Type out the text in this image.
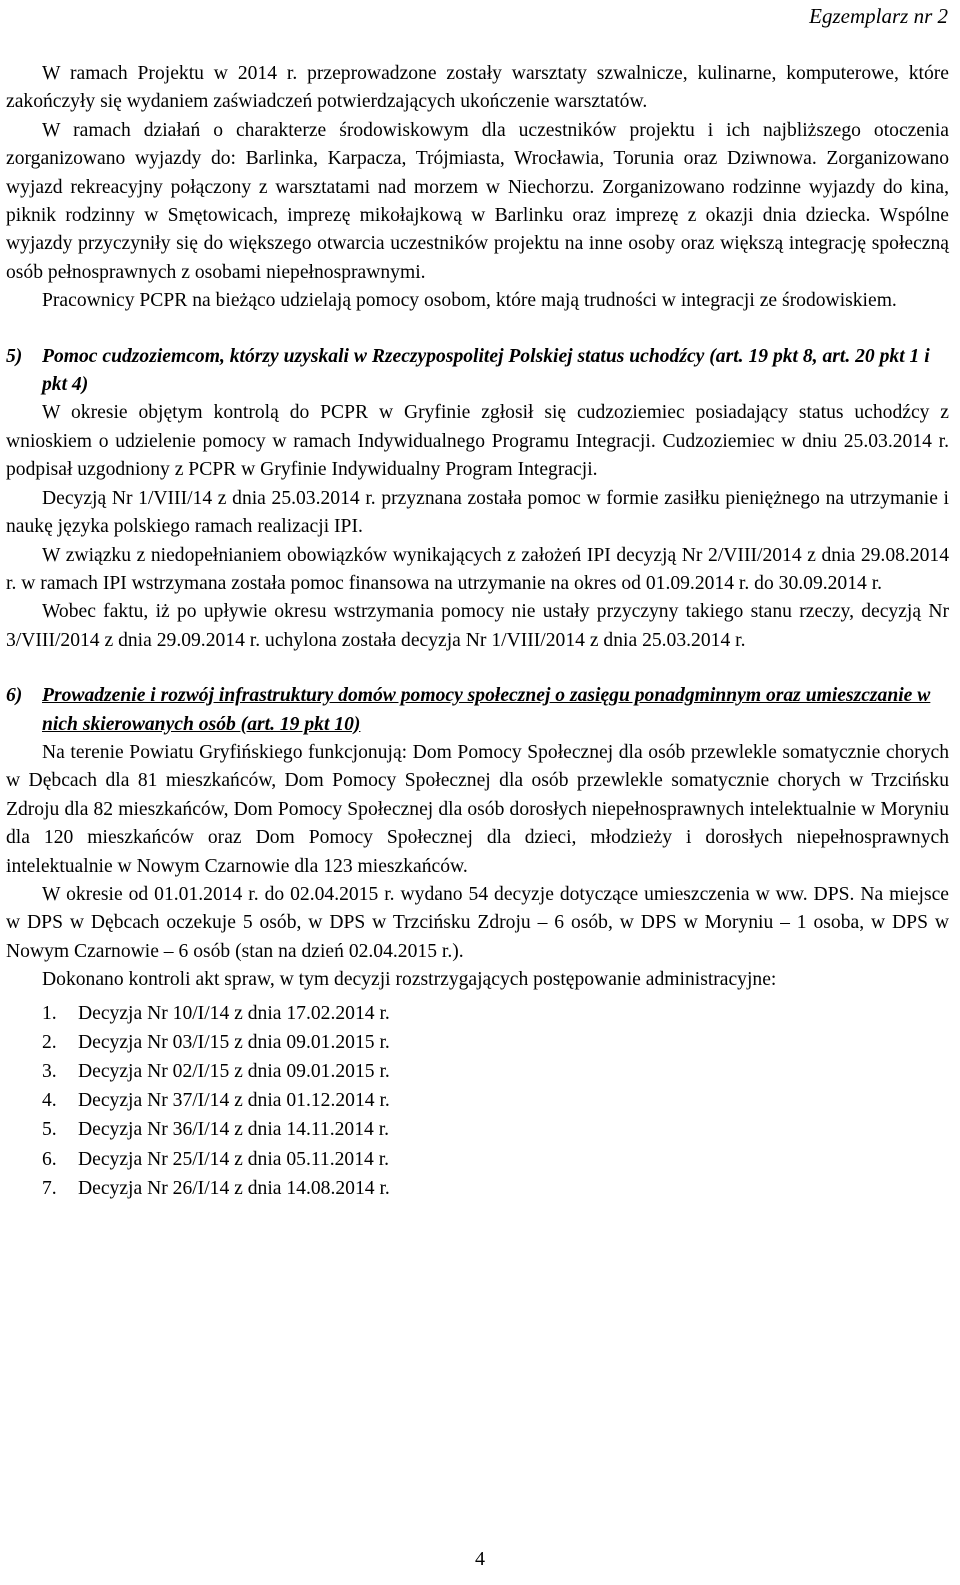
Egzemplarz nr 2

W ramach Projektu w 2014 r. przeprowadzone zostały warsztaty szwalnicze, kulinarne, komputerowe, które zakończyły się wydaniem zaświadczeń potwierdzających ukończenie warsztatów.

W ramach działań o charakterze środowiskowym dla uczestników projektu i ich najbliższego otoczenia zorganizowano wyjazdy do: Barlinka, Karpacza, Trójmiasta, Wrocławia, Torunia oraz Dziwnowa. Zorganizowano wyjazd rekreacyjny połączony z warsztatami nad morzem w Niechorzu. Zorganizowano rodzinne wyjazdy do kina, piknik rodzinny w Smętowicach, imprezę mikołajkową w Barlinku oraz imprezę z okazji dnia dziecka. Wspólne wyjazdy przyczyniły się do większego otwarcia uczestników projektu na inne osoby oraz większą integrację społeczną osób pełnosprawnych z osobami niepełnosprawnymi.

Pracownicy PCPR na bieżąco udzielają pomocy osobom, które mają trudności w integracji ze środowiskiem.

5) Pomoc cudzoziemcom, którzy uzyskali w Rzeczypospolitej Polskiej status uchodźcy (art. 19 pkt 8, art. 20 pkt 1 i pkt 4)

W okresie objętym kontrolą do PCPR w Gryfinie zgłosił się cudzoziemiec posiadający status uchodźcy z wnioskiem o udzielenie pomocy w ramach Indywidualnego Programu Integracji. Cudzoziemiec w dniu 25.03.2014 r. podpisał uzgodniony z PCPR w Gryfinie Indywidualny Program Integracji.

Decyzją Nr 1/VIII/14 z dnia 25.03.2014 r. przyznana została pomoc w formie zasiłku pieniężnego na utrzymanie i naukę języka polskiego ramach realizacji IPI.

W związku z niedopełnianiem obowiązków wynikających z założeń IPI decyzją Nr 2/VIII/2014 z dnia 29.08.2014 r. w ramach IPI wstrzymana została pomoc finansowa na utrzymanie na okres od 01.09.2014 r. do 30.09.2014 r.

Wobec faktu, iż po upływie okresu wstrzymania pomocy nie ustały przyczyny takiego stanu rzeczy, decyzją Nr 3/VIII/2014 z dnia 29.09.2014 r. uchylona została decyzja Nr 1/VIII/2014 z dnia 25.03.2014 r.

6) Prowadzenie i rozwój infrastruktury domów pomocy społecznej o zasięgu ponadgminnym oraz umieszczanie w nich skierowanych osób (art. 19 pkt 10)

Na terenie Powiatu Gryfińskiego funkcjonują: Dom Pomocy Społecznej dla osób przewlekle somatycznie chorych w Dębcach dla 81 mieszkańców, Dom Pomocy Społecznej dla osób przewlekle somatycznie chorych w Trzcińsku Zdroju dla 82 mieszkańców, Dom Pomocy Społecznej dla osób dorosłych niepełnosprawnych intelektualnie w Moryniu dla 120 mieszkańców oraz Dom Pomocy Społecznej dla dzieci, młodzieży i dorosłych niepełnosprawnych intelektualnie w Nowym Czarnowie dla 123 mieszkańców.

W okresie od 01.01.2014 r. do 02.04.2015 r. wydano 54 decyzje dotyczące umieszczenia w ww. DPS. Na miejsce w DPS w Dębcach oczekuje 5 osób, w DPS w Trzcińsku Zdroju – 6 osób, w DPS w Moryniu – 1 osoba, w DPS w Nowym Czarnowie – 6 osób (stan na dzień 02.04.2015 r.).

Dokonano kontroli akt spraw, w tym decyzji rozstrzygających postępowanie administracyjne:

1.	Decyzja Nr 10/I/14 z dnia 17.02.2014 r.
2.	Decyzja Nr 03/I/15 z dnia 09.01.2015 r.
3.	Decyzja Nr 02/I/15 z dnia 09.01.2015 r.
4.	Decyzja Nr 37/I/14 z dnia 01.12.2014 r.
5.	Decyzja Nr 36/I/14 z dnia 14.11.2014 r.
6.	Decyzja Nr 25/I/14 z dnia 05.11.2014 r.
7.	Decyzja Nr 26/I/14 z dnia 14.08.2014 r.
4
